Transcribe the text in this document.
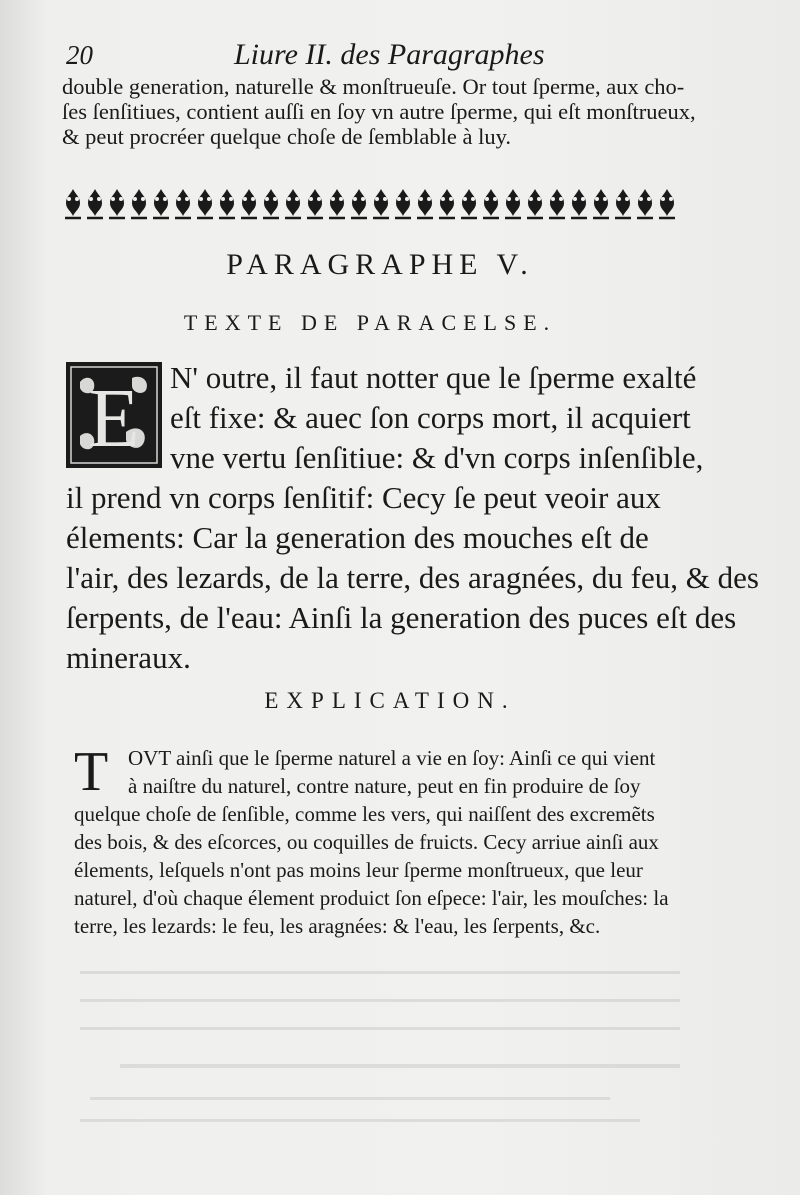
20	Liure II. des Paragraphes
double generation, naturelle & monſtrueuſe. Or tout ſperme, aux cho-
ſes ſenſitiues, contient auſſi en ſoy vn autre ſperme, qui eſt monſtrueux,
& peut procréer quelque choſe de ſemblable à luy.
PARAGRAPHE V.
TEXTE DE PARACELSE.
E N' outre, il faut notter que le ſperme exalté
eſt fixe: & auec ſon corps mort, il acquiert
vne vertu ſenſitiue: & d'vn corps inſenſible,
il prend vn corps ſenſitif: Cecy ſe peut veoir aux
élements: Car la generation des mouches eſt de
l'air, des lezards, de la terre, des aragnées, du feu, & des
ſerpents, de l'eau: Ainſi la generation des puces eſt des
mineraux.
EXPLICATION.
T OVT ainſi que le ſperme naturel a vie en ſoy: Ainſi ce qui vient
à naiſtre du naturel, contre nature, peut en fin produire de ſoy
quelque choſe de ſenſible, comme les vers, qui naiſſent des excremẽts
des bois, & des eſcorces, ou coquilles de fruicts. Cecy arriue ainſi aux
élements, leſquels n'ont pas moins leur ſperme monſtrueux, que leur
naturel, d'où chaque élement produict ſon eſpece: l'air, les mouſches: la
terre, les lezards: le feu, les aragnées: & l'eau, les ſerpents, &c.
